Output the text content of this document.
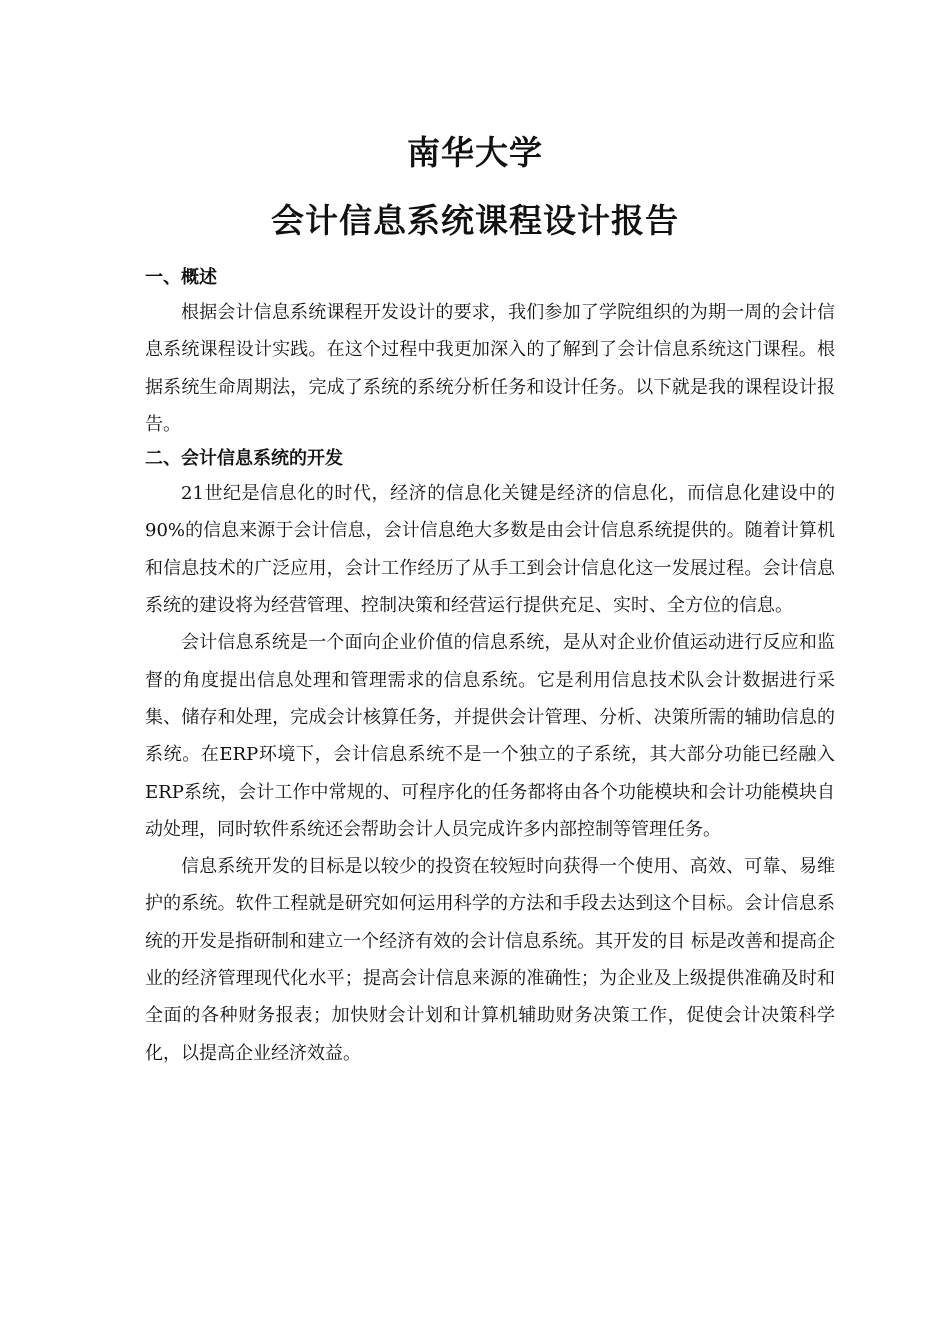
南华大学
会计信息系统课程设计报告

一、概述

根据会计信息系统课程开发设计的要求，我们参加了学院组织的为期一周的会计信息系统课程设计实践。在这个过程中我更加深入的了解到了会计信息系统这门课程。根据系统生命周期法，完成了系统的系统分析任务和设计任务。以下就是我的课程设计报告。

二、会计信息系统的开发

21世纪是信息化的时代，经济的信息化关键是经济的信息化，而信息化建设中的90%的信息来源于会计信息，会计信息绝大多数是由会计信息系统提供的。随着计算机和信息技术的广泛应用，会计工作经历了从手工到会计信息化这一发展过程。会计信息系统的建设将为经营管理、控制决策和经营运行提供充足、实时、全方位的信息。

会计信息系统是一个面向企业价值的信息系统，是从对企业价值运动进行反应和监督的角度提出信息处理和管理需求的信息系统。它是利用信息技术队会计数据进行采集、储存和处理，完成会计核算任务，并提供会计管理、分析、决策所需的辅助信息的系统。在ERP环境下，会计信息系统不是一个独立的子系统，其大部分功能已经融入ERP系统，会计工作中常规的、可程序化的任务都将由各个功能模块和会计功能模块自动处理，同时软件系统还会帮助会计人员完成许多内部控制等管理任务。

信息系统开发的目标是以较少的投资在较短时向获得一个使用、高效、可靠、易维护的系统。软件工程就是研究如何运用科学的方法和手段去达到这个目标。会计信息系统的开发是指研制和建立一个经济有效的会计信息系统。其开发的目 标是改善和提高企业的经济管理现代化水平；提高会计信息来源的准确性；为企业及上级提供准确及时和全面的各种财务报表；加快财会计划和计算机辅助财务决策工作，促使会计决策科学化，以提高企业经济效益。
